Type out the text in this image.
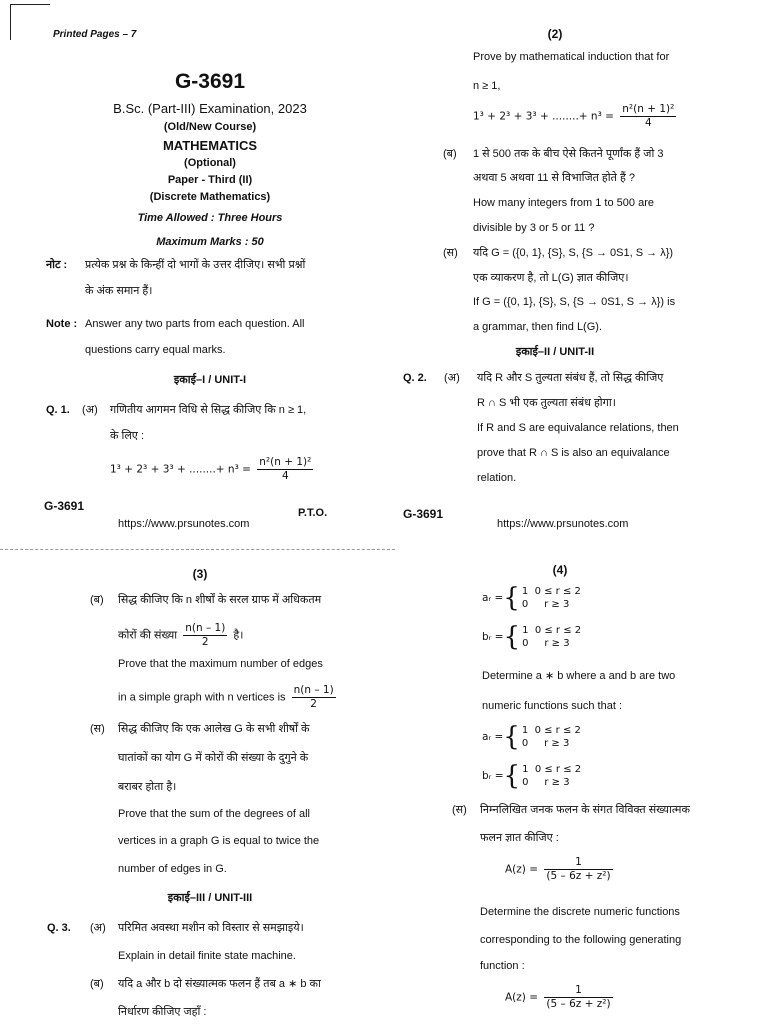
Printed Pages – 7
G-3691
B.Sc. (Part-III) Examination, 2023
(Old/New Course)
MATHEMATICS
(Optional)
Paper - Third (II)
(Discrete Mathematics)
Time Allowed : Three Hours
Maximum Marks : 50
नोट : प्रत्येक प्रश्न के किन्हीं दो भागों के उत्तर दीजिए। सभी प्रश्नों
के अंक समान हैं।
Note : Answer any two parts from each question. All
questions carry equal marks.
इकाई–I / UNIT-I
Q. 1. (अ) गणितीय आगमन विधि से सिद्ध कीजिए कि n ≥ 1,
के लिए :
1³ + 2³ + 3³ + ........+ $n^3 = \frac{\text{n²(n + 1)²}}{4}$
G-3691
https://www.prsunotes.com
P.T.O.
(2)
Prove by mathematical induction that for
n ≥ 1,
1³ + 2³ + 3³ + ........+ $n^3 = \frac{\text{n²(n + 1)²}}{4}$
(ब) 1 से 500 तक के बीच ऐसे कितने पूर्णांक हैं जो 3
अथवा 5 अथवा 11 से विभाजित होते हैं ?
How many integers from 1 to 500 are
divisible by 3 or 5 or 11 ?
(स) यदि G = ({0, 1}, {S}, S, {S → 0S1, S → λ})
एक व्याकरण है, तो L(G) ज्ञात कीजिए।
If G = ({0, 1}, {S}, S, {S → 0S1, S → λ}) is
a grammar, then find L(G).
इकाई–II / UNIT-II
Q. 2. (अ) यदि R और S तुल्यता संबंध हैं, तो सिद्ध कीजिए
R ∩ S भी एक तुल्यता संबंध होगा।
If R and S are equivalance relations, then
prove that R ∩ S is also an equivalance
relation.
G-3691
https://www.prsunotes.com
(3)
(ब) सिद्ध कीजिए कि n शीर्षों के सरल ग्राफ में अधिकतम
कोरों की संख्या $\frac{n(n - 1)}{2}$ है।
Prove that the maximum number of edges
in a simple graph with n vertices is $\frac{n(n - 1)}{2}$
(स) सिद्ध कीजिए कि एक आलेख G के सभी शीर्षों के
घातांकों का योग G में कोरों की संख्या के दुगुने के
बराबर होता है।
Prove that the sum of the degrees of all
vertices in a graph G is equal to twice the
number of edges in G.
इकाई–III / UNIT-III
Q. 3. (अ) परिमित अवस्था मशीन को विस्तार से समझाइये।
Explain in detail finite state machine.
(ब) यदि a और b दो संख्यात्मक फलन हैं तब a ∗ b का
निर्धारण कीजिए जहाँ :
(4)
aᵣ ={ 1 0 ≤ r ≤ 2
0 r ≥ 3
bᵣ ={ 1 0 ≤ r ≤ 2
0 r ≥ 3
Determine a ∗ b where a and b are two
numeric functions such that :
aᵣ ={ 1 0 ≤ r ≤ 2
0 r ≥ 3
bᵣ ={ 1 0 ≤ r ≤ 2
0 r ≥ 3
(स) निम्नलिखित जनक फलन के संगत विविक्त संख्यात्मक
फलन ज्ञात कीजिए :
$A(z) = \frac{1}{\text{(5 – 6z + z²)}}$
Determine the discrete numeric functions
corresponding to the following generating
function :
$A(z) = \frac{1}{\text{(5 – 6z + z²)}}$
